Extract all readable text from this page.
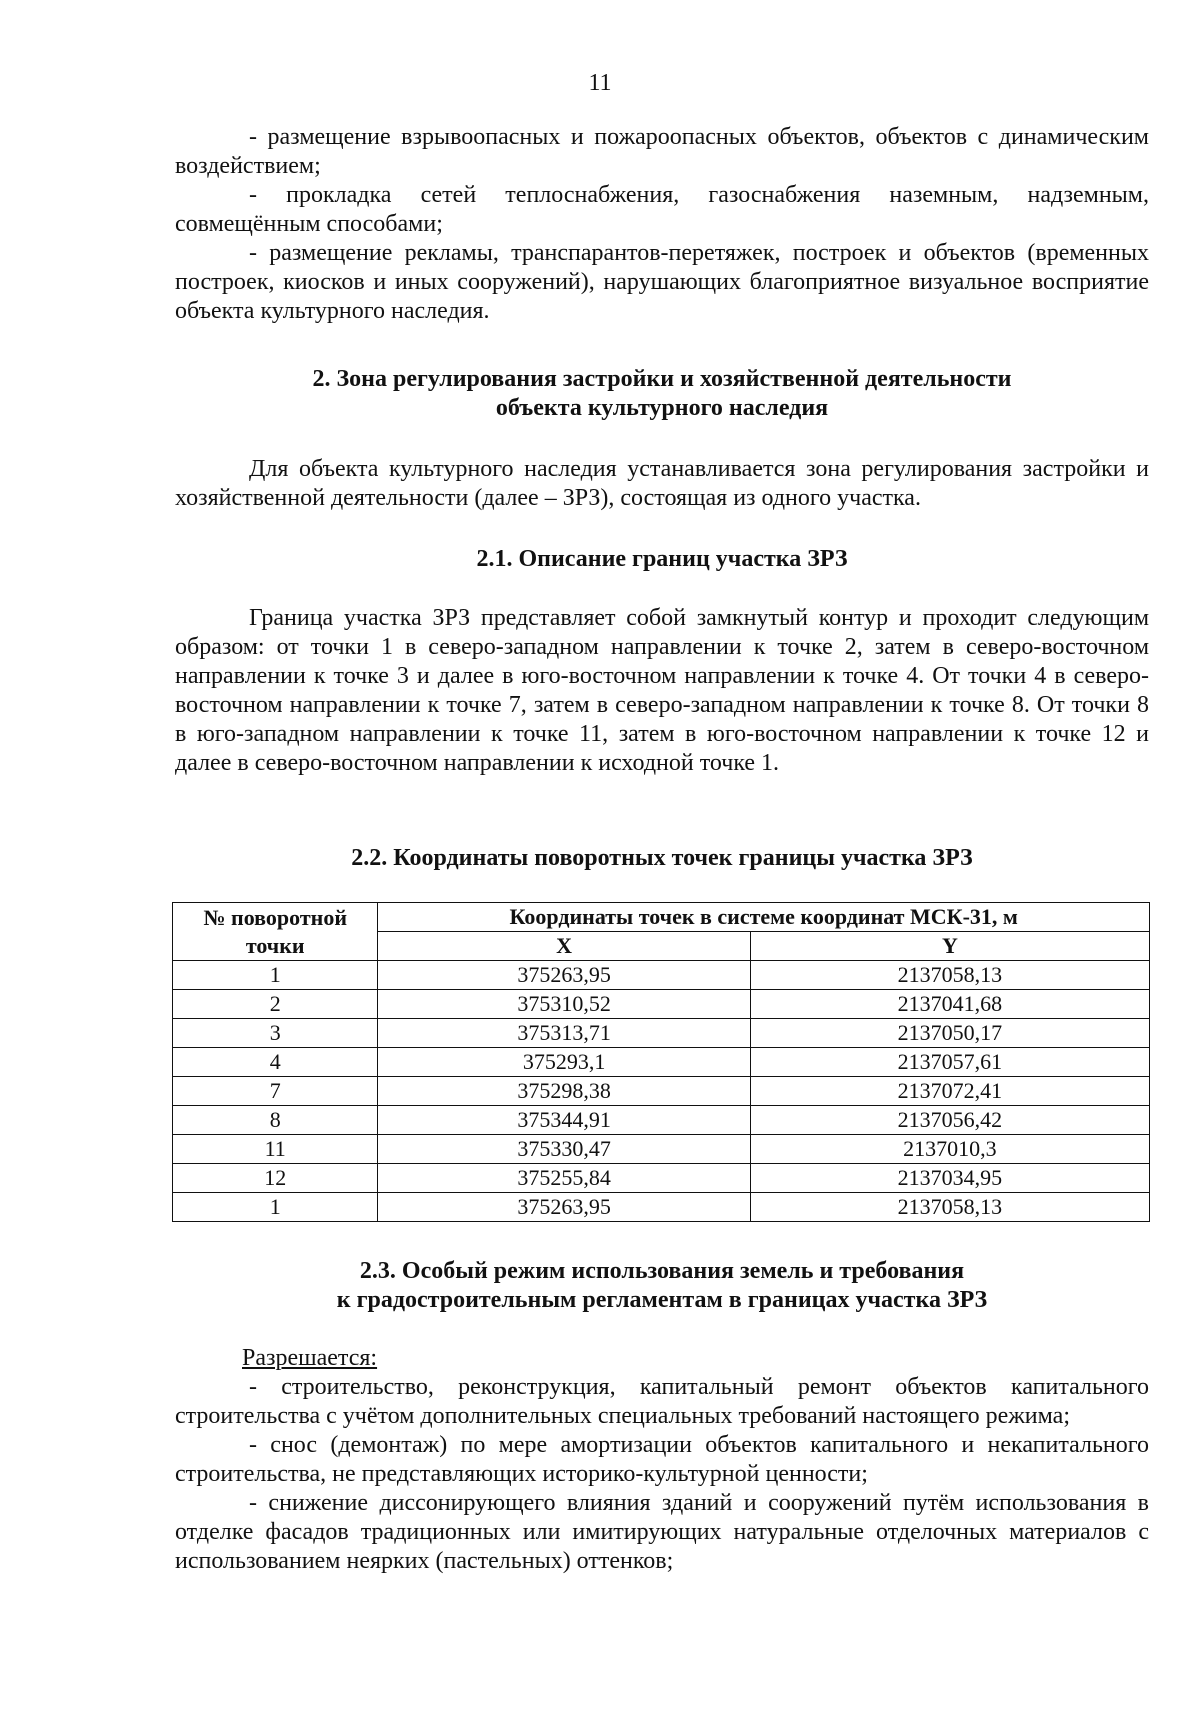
11

- размещение взрывоопасных и пожароопасных объектов, объектов с динамическим воздействием;

- прокладка сетей теплоснабжения, газоснабжения наземным, надземным, совмещённым способами;

- размещение рекламы, транспарантов-перетяжек, построек и объектов (временных построек, киосков и иных сооружений), нарушающих благоприятное визуальное восприятие объекта культурного наследия.

2. Зона регулирования застройки и хозяйственной деятельности
объекта культурного наследия

Для объекта культурного наследия устанавливается зона регулирования застройки и хозяйственной деятельности (далее – ЗРЗ), состоящая из одного участка.

2.1. Описание границ участка ЗРЗ

Граница участка ЗРЗ представляет собой замкнутый контур и проходит следующим образом: от точки 1 в северо-западном направлении к точке 2, затем в северо-восточном направлении к точке 3 и далее в юго-восточном направлении к точке 4. От точки 4 в северо-восточном направлении к точке 7, затем в северо-западном направлении к точке 8. От точки 8 в юго-западном направлении к точке 11, затем в юго-восточном направлении к точке 12 и далее в северо-восточном направлении к исходной точке 1.

2.2. Координаты поворотных точек границы участка ЗРЗ
№ поворотной
точки	Координаты точек в системе координат МСК-31, м	
	X	Y
1	375263,95	2137058,13
2	375310,52	2137041,68
3	375313,71	2137050,17
4	375293,1	2137057,61
7	375298,38	2137072,41
8	375344,91	2137056,42
11	375330,47	2137010,3
12	375255,84	2137034,95
1	375263,95	2137058,13
2.3. Особый режим использования земель и требования
к градостроительным регламентам в границах участка ЗРЗ

Разрешается:

- строительство, реконструкция, капитальный ремонт объектов капитального строительства с учётом дополнительных специальных требований настоящего режима;

- снос (демонтаж) по мере амортизации объектов капитального и некапитального строительства, не представляющих историко-культурной ценности;

- снижение диссонирующего влияния зданий и сооружений путём использования в отделке фасадов традиционных или имитирующих натуральные отделочных материалов с использованием неярких (пастельных) оттенков;
